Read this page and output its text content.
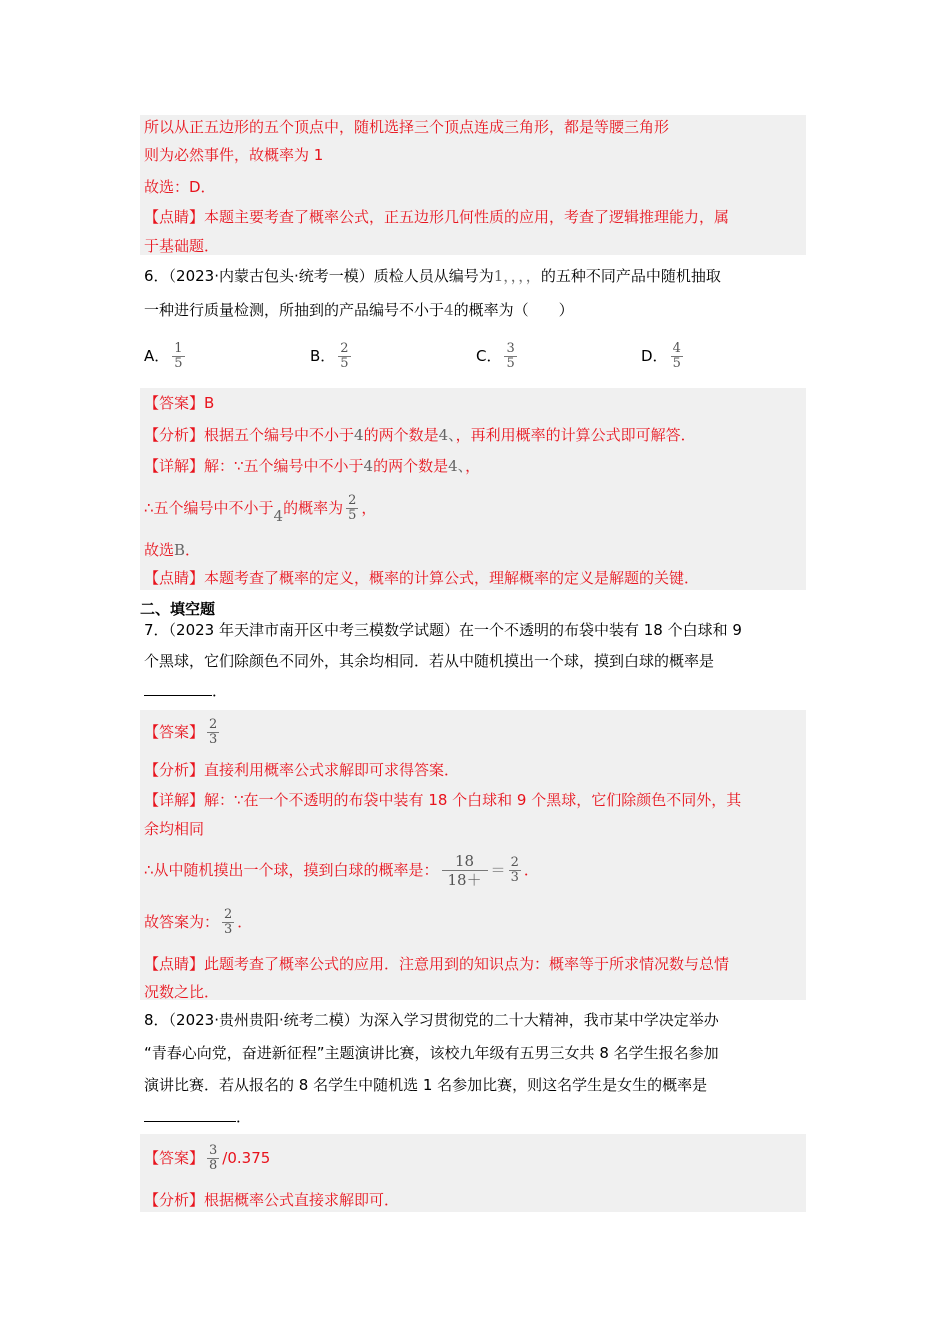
所以从正五边形的五个顶点中，随机选择三个顶点连成三角形，都是等腰三角形
则为必然事件，故概率为 1
故选：D．
【点睛】本题主要考查了概率公式，正五边形几何性质的应用，考查了逻辑推理能力，属
于基础题．
6．（2023·内蒙古包头·统考一模）质检人员从编号为1，，，，的五种不同产品中随机抽取
一种进行质量检测，所抽到的产品编号不小于4的概率为（　　）
A． $\frac{1}{5}$	B． $\frac{2}{5}$	C． $\frac{3}{5}$	D． $\frac{4}{5}$
【答案】B
【分析】根据五个编号中不小于4的两个数是4、，再利用概率的计算公式即可解答．
【详解】解：∵五个编号中不小于4的两个数是4、，
∴五个编号中不小于4的概率为 $\frac{2}{5}$ ，
故选B．
【点睛】本题考查了概率的定义，概率的计算公式，理解概率的定义是解题的关键．
二、填空题
7．（2023 年天津市南开区中考三模数学试题）在一个不透明的布袋中装有 18 个白球和 9
个黑球，它们除颜色不同外，其余均相同．若从中随机摸出一个球，摸到白球的概率是
．
【答案】 $\frac{2}{3}$
【分析】直接利用概率公式求解即可求得答案．
【详解】解：∵在一个不透明的布袋中装有 18 个白球和 9 个黑球，它们除颜色不同外，其
余均相同
∴从中随机摸出一个球，摸到白球的概率是： $\frac{18}{18+} = \frac{2}{3}$ ．
故答案为： $\frac{2}{3}$ ．
【点睛】此题考查了概率公式的应用．注意用到的知识点为：概率等于所求情况数与总情
况数之比．
8．（2023·贵州贵阳·统考二模）为深入学习贯彻党的二十大精神，我市某中学决定举办
“青春心向党，奋进新征程”主题演讲比赛，该校九年级有五男三女共 8 名学生报名参加
演讲比赛．若从报名的 8 名学生中随机选 1 名参加比赛，则这名学生是女生的概率是
．
【答案】 $\frac{3}{8} /0.375$
【分析】根据概率公式直接求解即可．
